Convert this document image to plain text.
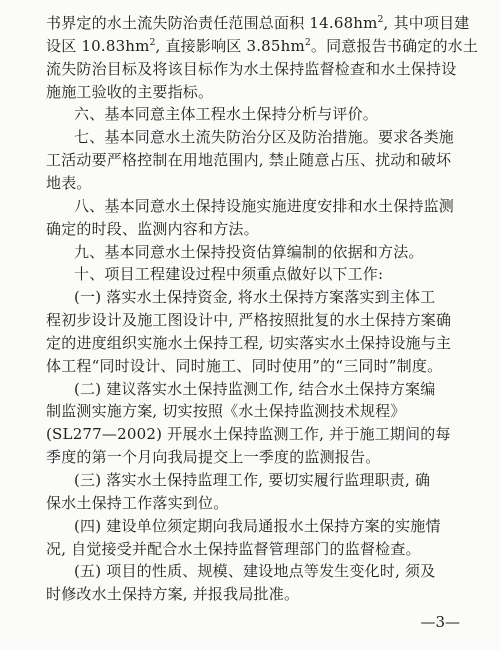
书界定的水土流失防治责任范围总面积 $14.68hm^2$, 其中项目建
设区 $10.83hm^2$, 直接影响区 $3.85hm^2$。同意报告书确定的水土
流失防治目标及将该目标作为水土保持监督检查和水土保持设
施施工验收的主要指标。
六、基本同意主体工程水土保持分析与评价。
七、基本同意水土流失防治分区及防治措施。要求各类施
工活动要严格控制在用地范围内, 禁止随意占压、扰动和破坏
地表。
八、基本同意水土保持设施实施进度安排和水土保持监测
确定的时段、监测内容和方法。
九、基本同意水土保持投资估算编制的依据和方法。
十、项目工程建设过程中须重点做好以下工作:
(一) 落实水土保持资金, 将水土保持方案落实到主体工
程初步设计及施工图设计中, 严格按照批复的水土保持方案确
定的进度组织实施水土保持工程, 切实落实水土保持设施与主
体工程“同时设计、同时施工、同时使用”的“三同时”制度。
(二) 建议落实水土保持监测工作, 结合水土保持方案编
制监测实施方案, 切实按照《水土保持监测技术规程》
(SL277—2002) 开展水土保持监测工作, 并于施工期间的每
季度的第一个月向我局提交上一季度的监测报告。
(三) 落实水土保持监理工作, 要切实履行监理职责, 确
保水土保持工作落实到位。
(四) 建设单位须定期向我局通报水土保持方案的实施情
况, 自觉接受并配合水土保持监督管理部门的监督检查。
(五) 项目的性质、规模、建设地点等发生变化时, 须及
时修改水土保持方案, 并报我局批准。
—3—
